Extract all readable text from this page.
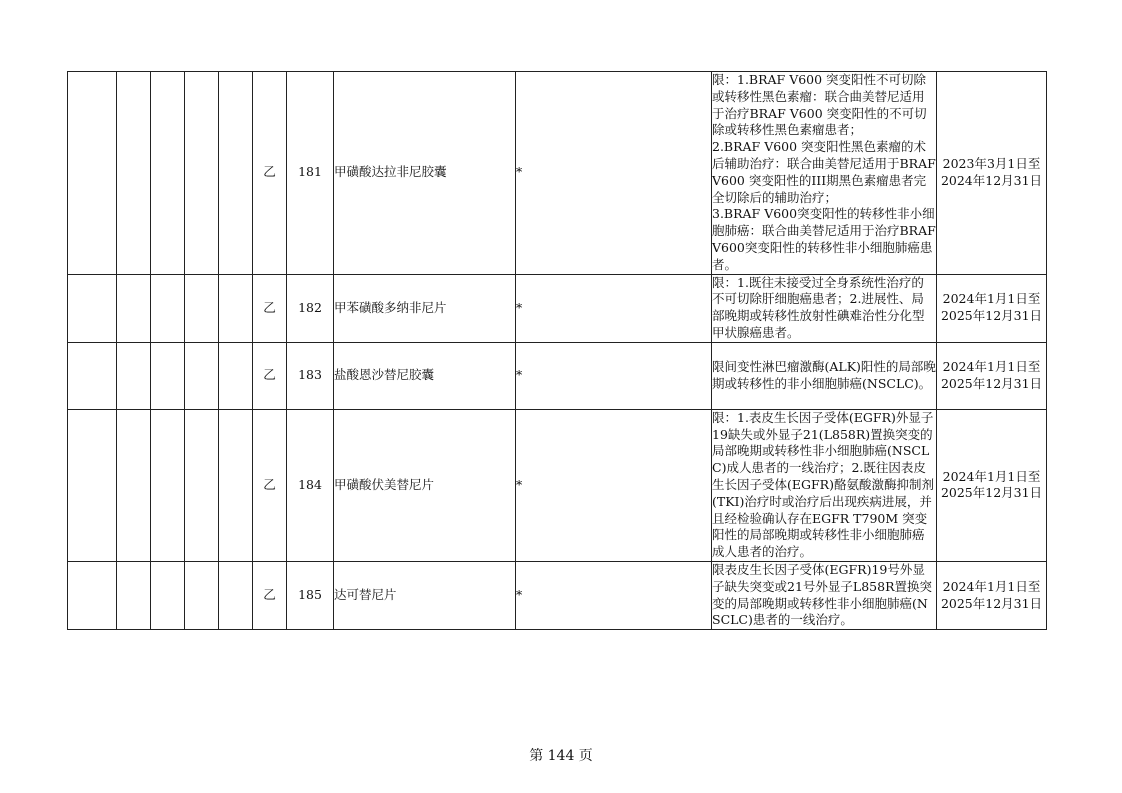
					乙	181	甲磺酸达拉非尼胶囊	*	限：1.BRAF V600 突变阳性不可切除或转移性黑色素瘤：联合曲美替尼适用于治疗BRAF V600 突变阳性的不可切除或转移性黑色素瘤患者；
2.BRAF V600 突变阳性黑色素瘤的术后辅助治疗：联合曲美替尼适用于BRAF V600 突变阳性的III期黑色素瘤患者完全切除后的辅助治疗；
3.BRAF V600突变阳性的转移性非小细胞肺癌：联合曲美替尼适用于治疗BRAF V600突变阳性的转移性非小细胞肺癌患者。	2023年3月1日至
2024年12月31日
					乙	182	甲苯磺酸多纳非尼片	*	限：1.既往未接受过全身系统性治疗的不可切除肝细胞癌患者；2.进展性、局部晚期或转移性放射性碘难治性分化型甲状腺癌患者。	2024年1月1日至
2025年12月31日
					乙	183	盐酸恩沙替尼胶囊	*	限间变性淋巴瘤激酶(ALK)阳性的局部晚期或转移性的非小细胞肺癌(NSCLC)。	2024年1月1日至
2025年12月31日
					乙	184	甲磺酸伏美替尼片	*	限：1.表皮生长因子受体(EGFR)外显子19缺失或外显子21(L858R)置换突变的局部晚期或转移性非小细胞肺癌(NSCLC)成人患者的一线治疗；2.既往因表皮生长因子受体(EGFR)酪氨酸激酶抑制剂(TKI)治疗时或治疗后出现疾病进展，并且经检验确认存在EGFR T790M 突变阳性的局部晚期或转移性非小细胞肺癌成人患者的治疗。	2024年1月1日至
2025年12月31日
					乙	185	达可替尼片	*	限表皮生长因子受体(EGFR)19号外显子缺失突变或21号外显子L858R置换突变的局部晚期或转移性非小细胞肺癌(NSCLC)患者的一线治疗。	2024年1月1日至
2025年12月31日
第 144 页
